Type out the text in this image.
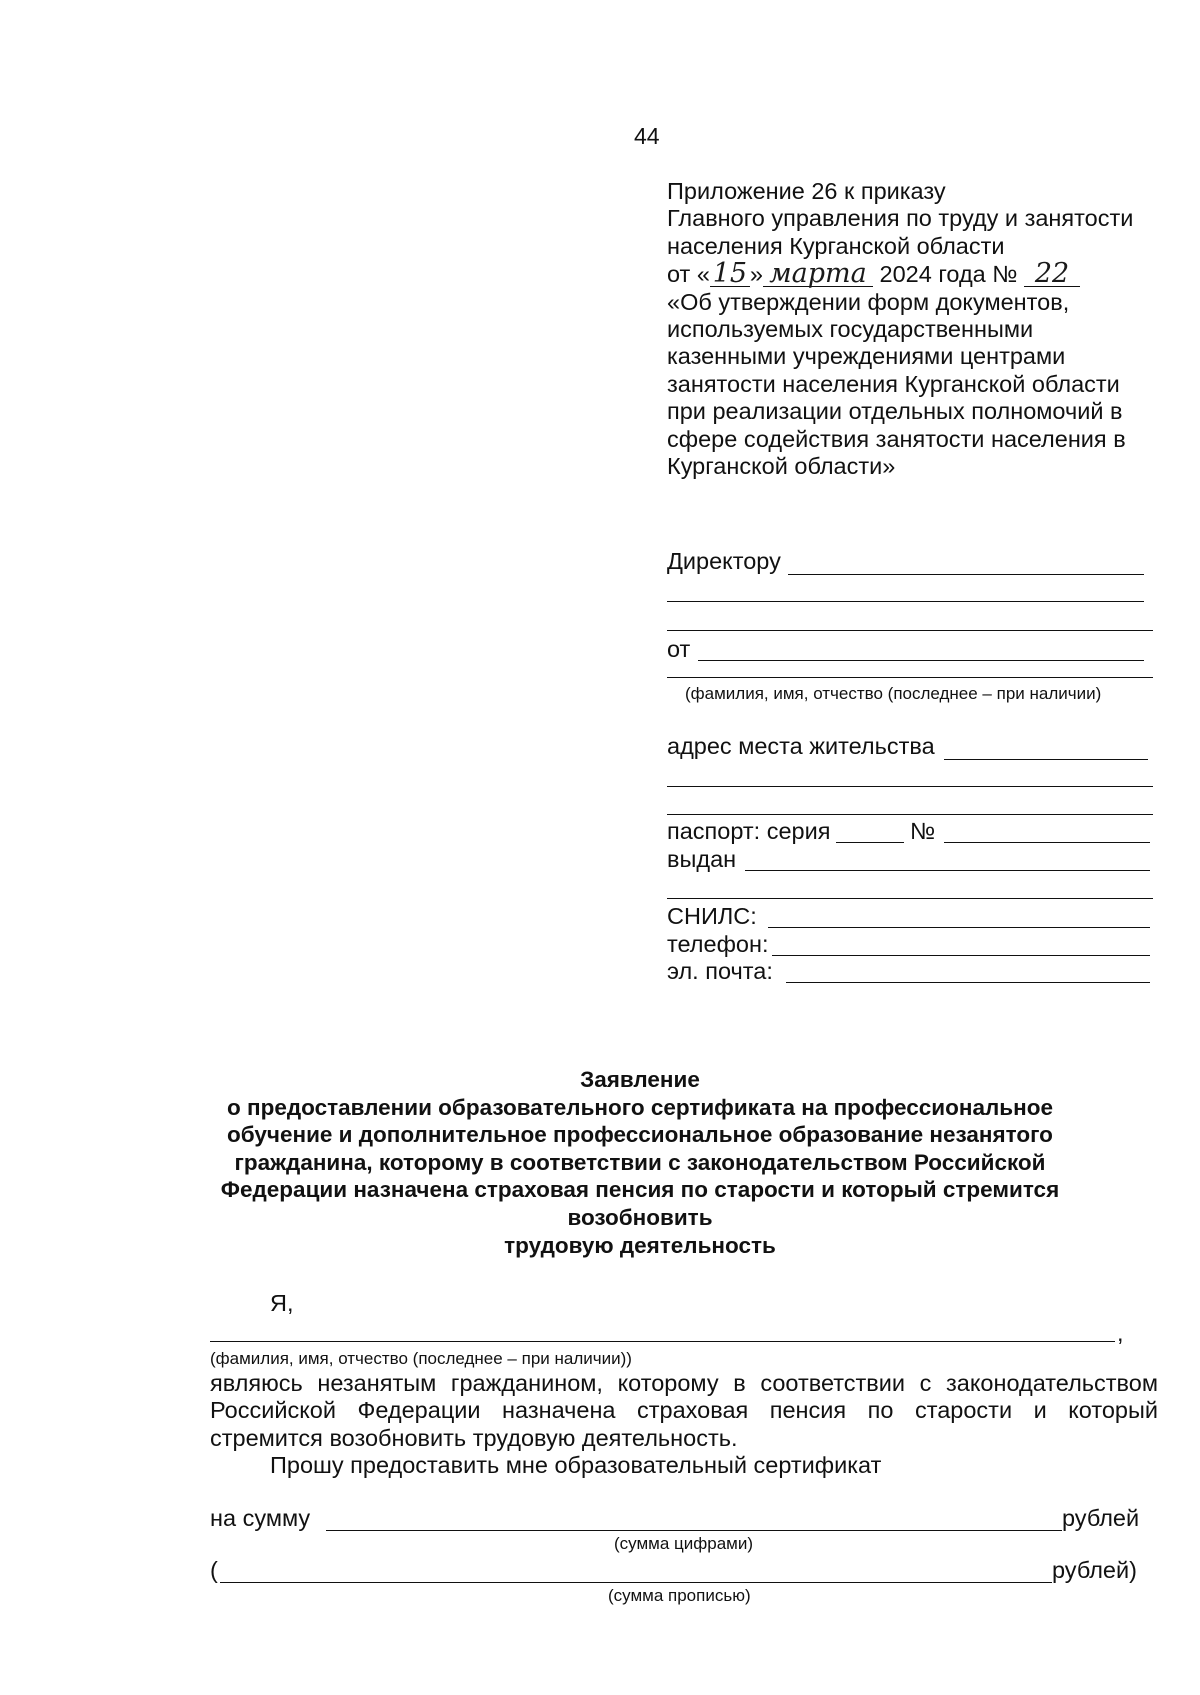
44
Приложение 26 к приказу
Главного управления по труду и занятости
населения Курганской области
от « 15 » марта 2024 года № 22
«Об утверждении форм документов,
используемых государственными
казенными учреждениями центрами
занятости населения Курганской области
при реализации отдельных полномочий в
сфере содействия занятости населения в
Курганской области»
Директору
от
(фамилия, имя, отчество (последнее – при наличии)
адрес места жительства
паспорт: серия	№
выдан
СНИЛС:
телефон:
эл. почта:
Заявление
о предоставлении образовательного сертификата на профессиональное
обучение и дополнительное профессиональное образование незанятого
гражданина, которому в соответствии с законодательством Российской
Федерации назначена страховая пенсия по старости и который стремится
возобновить
трудовую деятельность
Я,
,
(фамилия, имя, отчество (последнее – при наличии))
являюсь незанятым гражданином, которому в соответствии с законодательством
Российской Федерации назначена страховая пенсия по старости и который
стремится возобновить трудовую деятельность.
Прошу предоставить мне образовательный сертификат
на сумму	рублей
(сумма цифрами)
(	рублей)
(сумма прописью)
